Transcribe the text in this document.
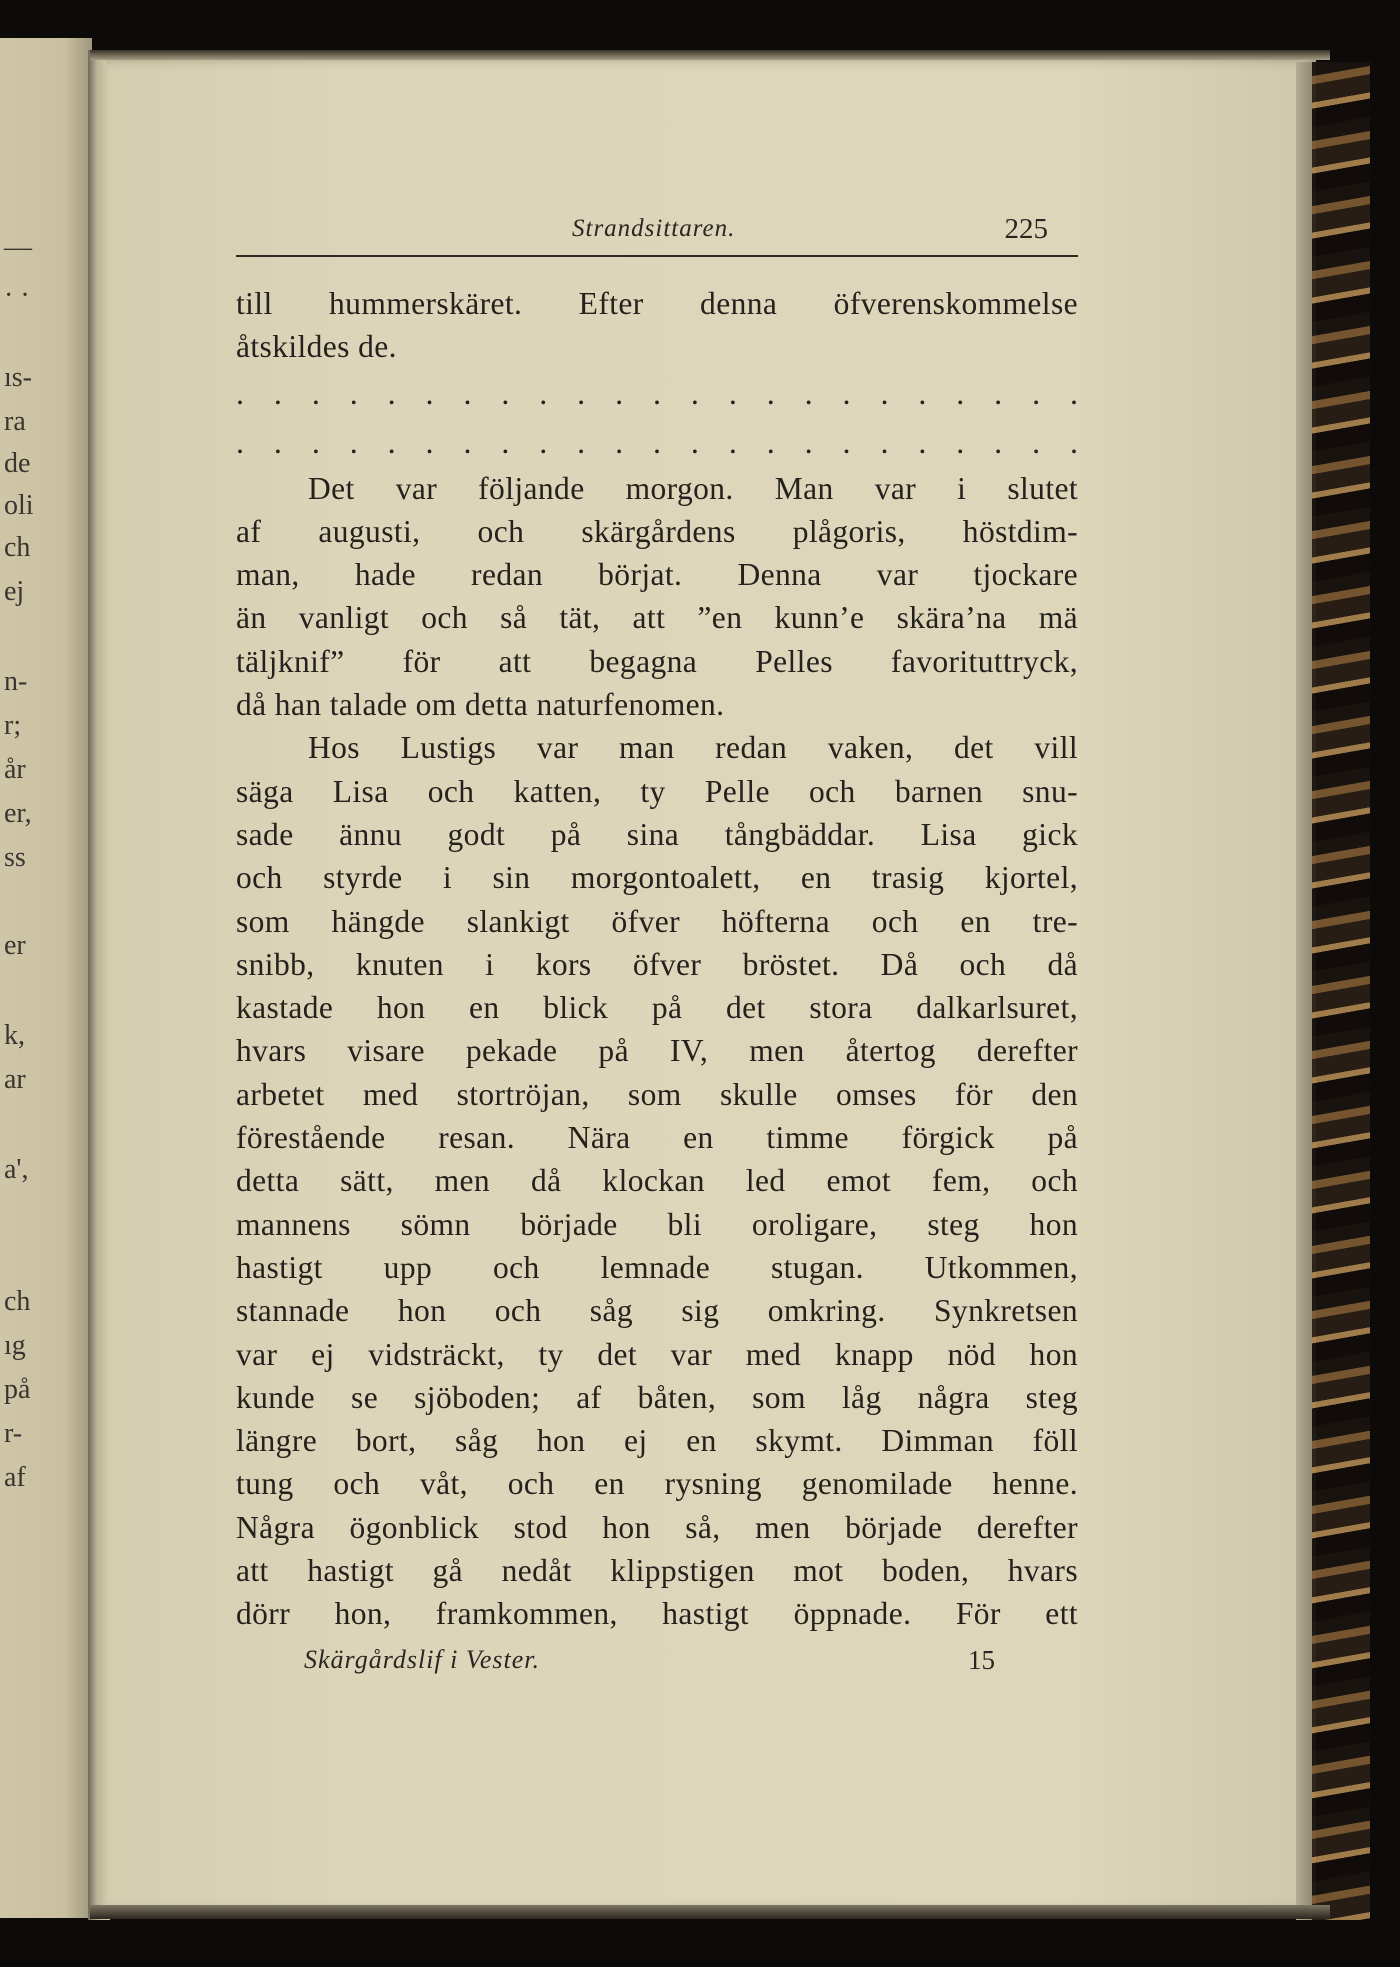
—
· ·
ıs-
ra
de
oli
ch
ej
n-
r;
år
er,
ss
er
k,
ar
a',
ch
ıg
på
r-
af
Strandsittaren.	225
till hummerskäret. Efter denna öfverenskommelse
åtskildes de.
. . . . . . . . . . . . . . . . . . . . . . .
. . . . . . . . . . . . . . . . . . . . . . .
Det var följande morgon. Man var i slutet
af augusti, och skärgårdens plågoris, höstdim-
man, hade redan börjat. Denna var tjockare
än vanligt och så tät, att ”en kunn’e skära’na mä
täljknif” för att begagna Pelles favorituttryck,
då han talade om detta naturfenomen.
Hos Lustigs var man redan vaken, det vill
säga Lisa och katten, ty Pelle och barnen snu-
sade ännu godt på sina tångbäddar. Lisa gick
och styrde i sin morgontoalett, en trasig kjortel,
som hängde slankigt öfver höfterna och en tre-
snibb, knuten i kors öfver bröstet. Då och då
kastade hon en blick på det stora dalkarlsuret,
hvars visare pekade på IV, men återtog derefter
arbetet med stortröjan, som skulle omses för den
förestående resan. Nära en timme förgick på
detta sätt, men då klockan led emot fem, och
mannens sömn började bli oroligare, steg hon
hastigt upp och lemnade stugan. Utkommen,
stannade hon och såg sig omkring. Synkretsen
var ej vidsträckt, ty det var med knapp nöd hon
kunde se sjöboden; af båten, som låg några steg
längre bort, såg hon ej en skymt. Dimman föll
tung och våt, och en rysning genomilade henne.
Några ögonblick stod hon så, men började derefter
att hastigt gå nedåt klippstigen mot boden, hvars
dörr hon, framkommen, hastigt öppnade. För ett
Skärgårdslif i Vester.	15
